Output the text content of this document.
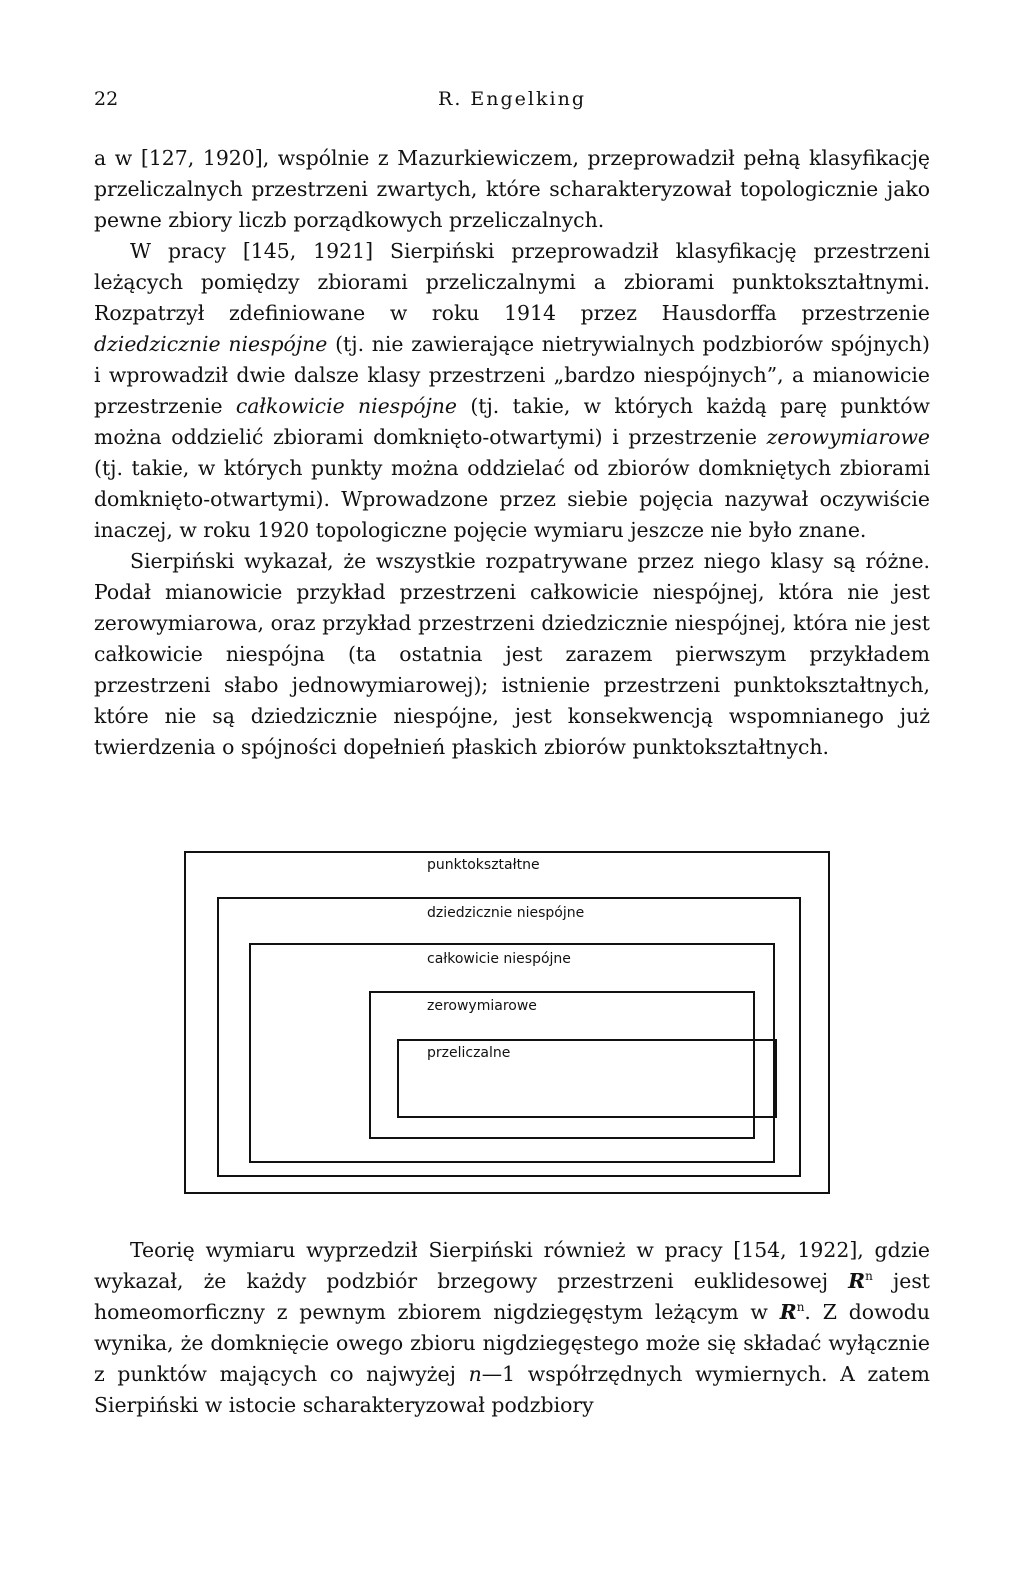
22	R. Engelking

a w [127, 1920], wspólnie z Mazurkiewiczem, przeprowadził pełną klasyfikację przeliczalnych przestrzeni zwartych, które scharakteryzował topologicznie jako pewne zbiory liczb porządkowych przeliczalnych.
W pracy [145, 1921] Sierpiński przeprowadził klasyfikację przestrzeni leżących pomiędzy zbiorami przeliczalnymi a zbiorami punktokształtnymi. Rozpatrzył zdefiniowane w roku 1914 przez Hausdorffa przestrzenie dziedzicznie niespójne (tj. nie zawierające nietrywialnych podzbiorów spójnych) i wprowadził dwie dalsze klasy przestrzeni „bardzo niespójnych”, a mianowicie przestrzenie całkowicie niespójne (tj. takie, w których każdą parę punktów można oddzielić zbiorami domknięto-otwartymi) i przestrzenie zerowymiarowe (tj. takie, w których punkty można oddzielać od zbiorów domkniętych zbiorami domknięto-otwartymi). Wprowadzone przez siebie pojęcia nazywał oczywiście inaczej, w roku 1920 topologiczne pojęcie wymiaru jeszcze nie było znane.
Sierpiński wykazał, że wszystkie rozpatrywane przez niego klasy są różne. Podał mianowicie przykład przestrzeni całkowicie niespójnej, która nie jest zerowymiarowa, oraz przykład przestrzeni dziedzicznie niespójnej, która nie jest całkowicie niespójna (ta ostatnia jest zarazem pierwszym przykładem przestrzeni słabo jednowymiarowej); istnienie przestrzeni punktokształtnych, które nie są dziedzicznie niespójne, jest konsekwencją wspomnianego już twierdzenia o spójności dopełnień płaskich zbiorów punktokształtnych.

punktokształtne
dziedzicznie niespójne
całkowicie niespójne
zerowymiarowe
przeliczalne

Teorię wymiaru wyprzedził Sierpiński również w pracy [154, 1922], gdzie wykazał, że każdy podzbiór brzegowy przestrzeni euklidesowej $R^n$ jest homeomorficzny z pewnym zbiorem nigdziegęstym leżącym w $R^n$. Z dowodu wynika, że domknięcie owego zbioru nigdziegęstego może się składać wyłącznie z punktów mających co najwyżej n—1 współrzędnych wymiernych. A zatem Sierpiński w istocie scharakteryzował podzbiory
